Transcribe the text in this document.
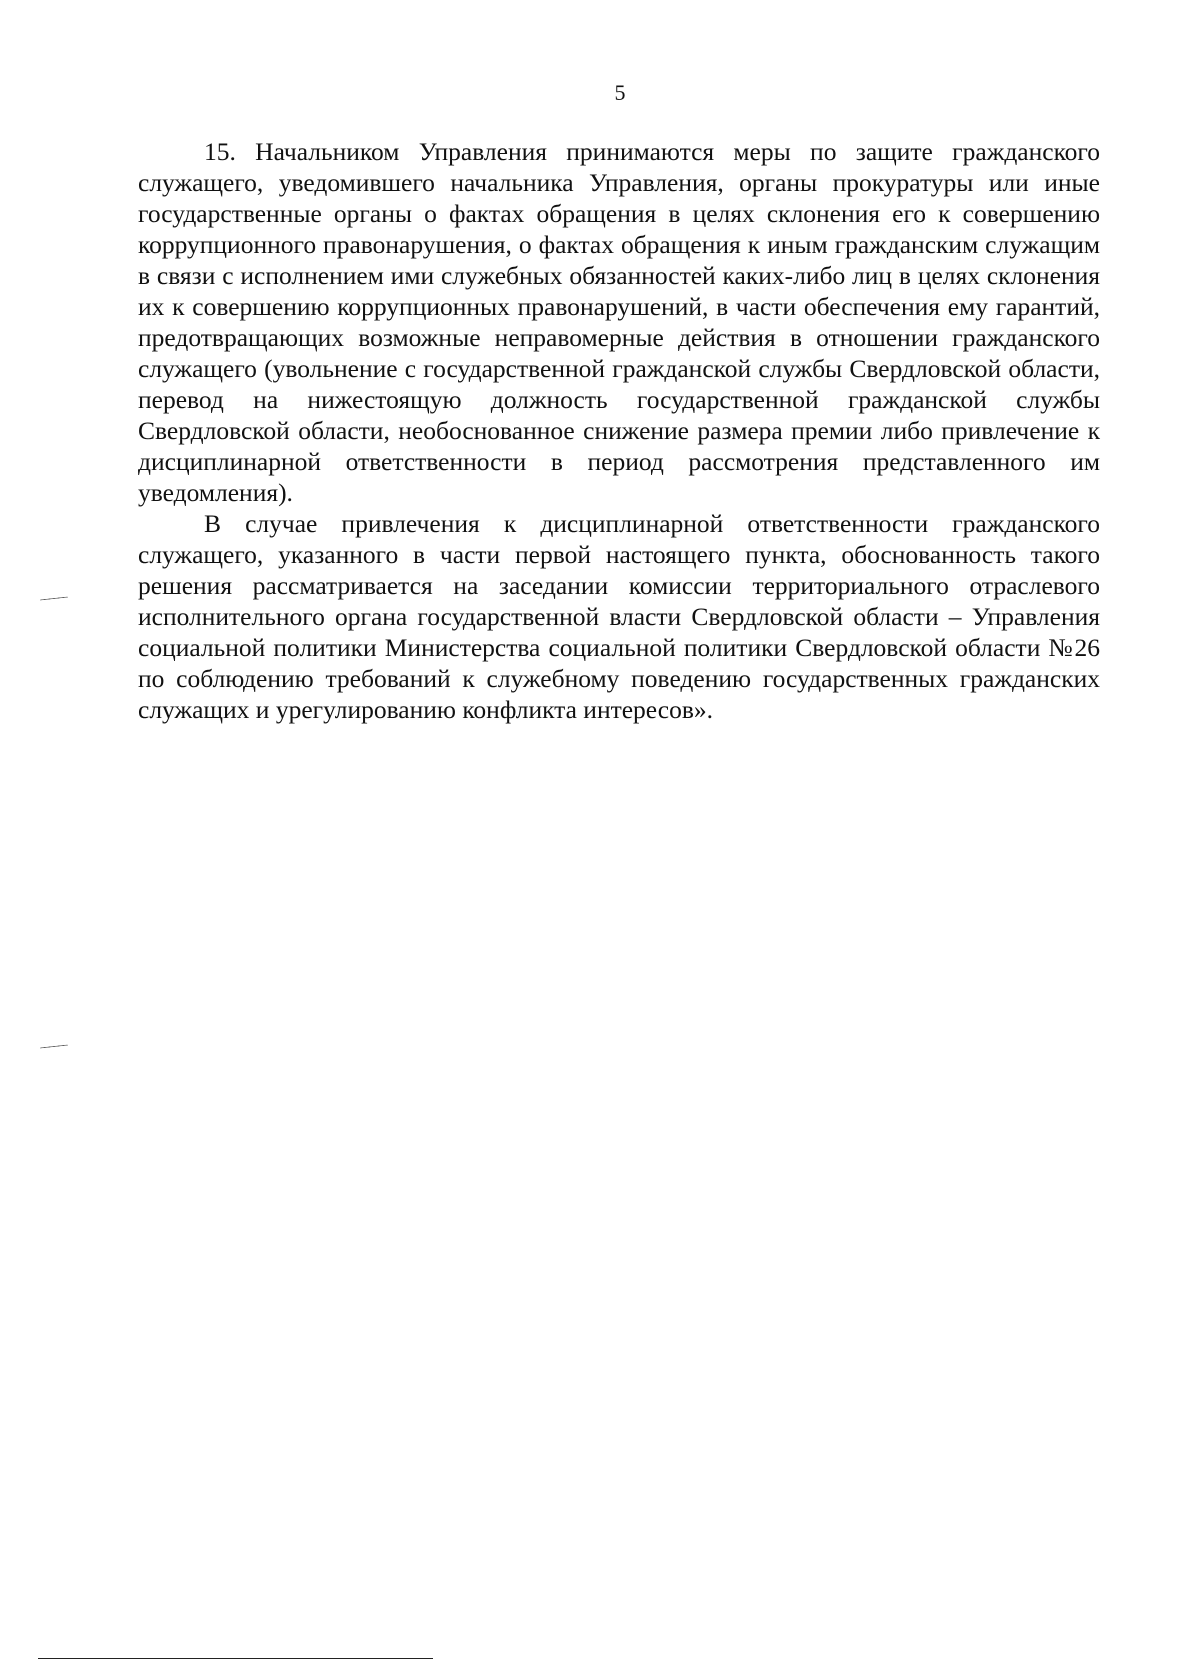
5

15. Начальником Управления принимаются меры по защите гражданского служащего, уведомившего начальника Управления, органы прокуратуры или иные государственные органы о фактах обращения в целях склонения его к совершению коррупционного правонарушения, о фактах обращения к иным гражданским служащим в связи с исполнением ими служебных обязанностей каких-либо лиц в целях склонения их к совершению коррупционных правонарушений, в части обеспечения ему гарантий, предотвращающих возможные неправомерные действия в отношении гражданского служащего (увольнение с государственной гражданской службы Свердловской области, перевод на нижестоящую должность государственной гражданской службы Свердловской области, необоснованное снижение размера премии либо привлечение к дисциплинарной ответственности в период рассмотрения представленного им уведомления).

В случае привлечения к дисциплинарной ответственности гражданского служащего, указанного в части первой настоящего пункта, обоснованность такого решения рассматривается на заседании комиссии территориального отраслевого исполнительного органа государственной власти Свердловской области – Управления социальной политики Министерства социальной политики Свердловской области №26 по соблюдению требований к служебному поведению государственных гражданских служащих и урегулированию конфликта интересов».
